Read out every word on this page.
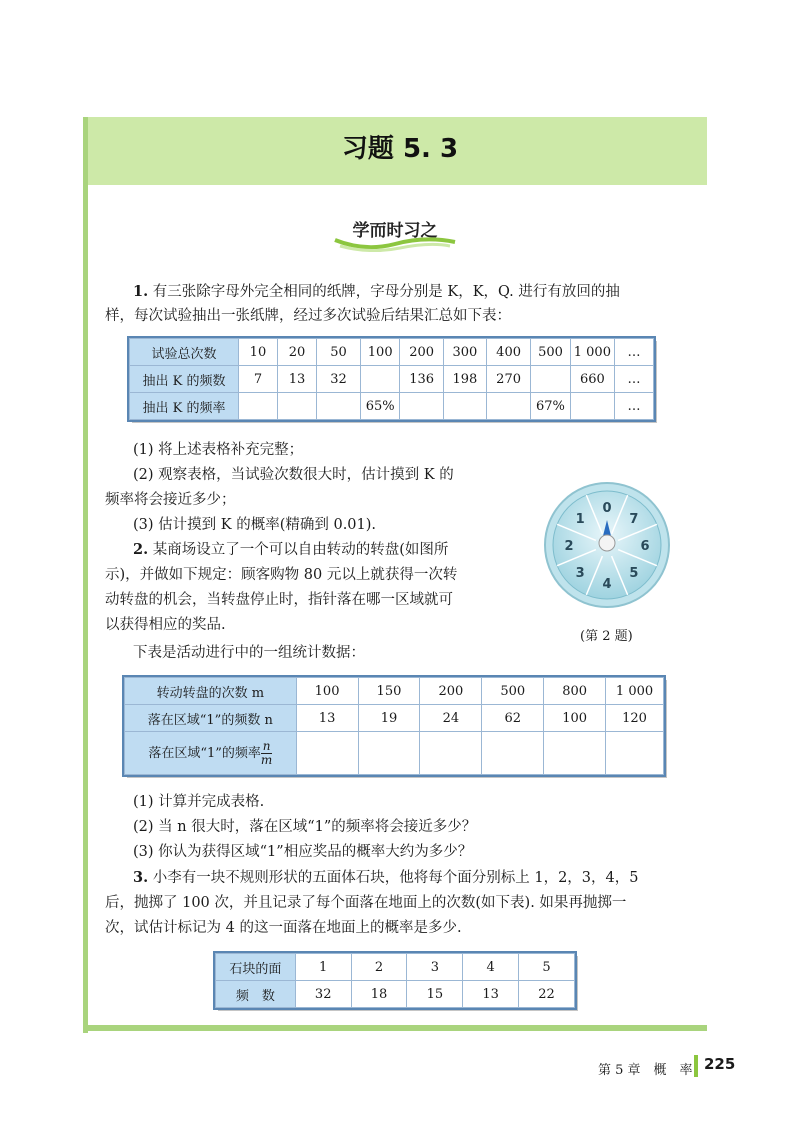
习题 5. 3
学而时习之
1. 有三张除字母外完全相同的纸牌，字母分别是 K，K，Q. 进行有放回的抽
样，每次试验抽出一张纸牌，经过多次试验后结果汇总如下表：
试验总次数	10	20	50	100	200	300	400	500	1 000	…
抽出 K 的频数	7	13	32		136	198	270		660	…
抽出 K 的频率				65%				67%		…
(1) 将上述表格补充完整；
(2) 观察表格，当试验次数很大时，估计摸到 K 的
频率将会接近多少；
(3) 估计摸到 K 的概率(精确到 0.01).
2. 某商场设立了一个可以自由转动的转盘(如图所
示)，并做如下规定：顾客购物 80 元以上就获得一次转
动转盘的机会，当转盘停止时，指针落在哪一区域就可
以获得相应的奖品.
0
7
6
5
4
3
2
1
(第 2 题)
下表是活动进行中的一组统计数据：
转动转盘的次数 m	100	150	200	500	800	1 000
落在区域“1”的频数 n	13	19	24	62	100	120
落在区域“1”的频率 $\frac{n}{m}$

(1) 计算并完成表格.
(2) 当 n 很大时，落在区域“1”的频率将会接近多少？
(3) 你认为获得区域“1”相应奖品的概率大约为多少？
3. 小李有一块不规则形状的五面体石块，他将每个面分别标上 1，2，3，4，5
后，抛掷了 100 次，并且记录了每个面落在地面上的次数(如下表). 如果再抛掷一
次，试估计标记为 4 的这一面落在地面上的概率是多少.
石块的面	1	2	3	4	5
频　数	32	18	15	13	22
第 5 章　概　率 225
